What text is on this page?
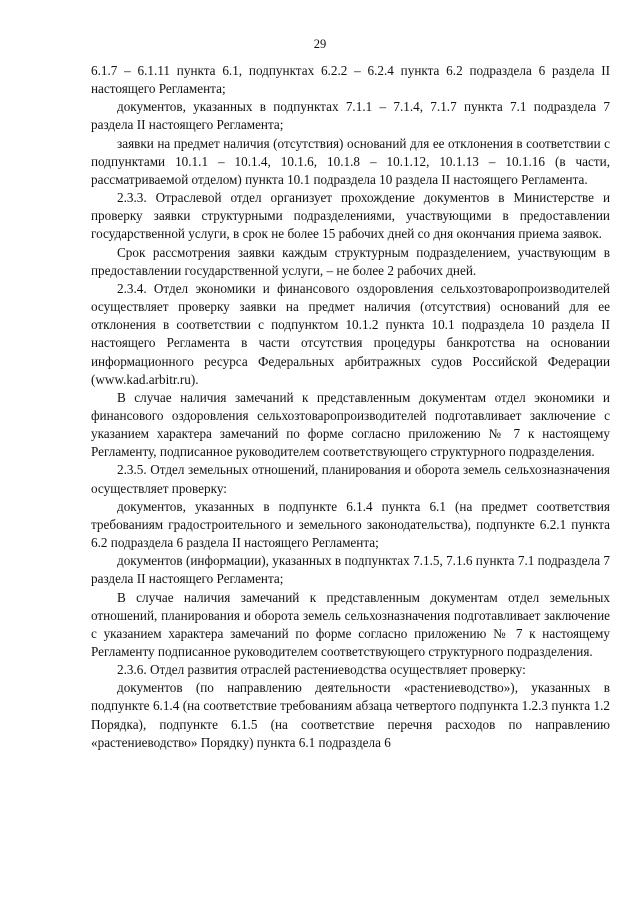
29

6.1.7 – 6.1.11 пункта 6.1, подпунктах 6.2.2 – 6.2.4 пункта 6.2 подраздела 6 раздела II настоящего Регламента;

документов, указанных в подпунктах 7.1.1 – 7.1.4, 7.1.7 пункта 7.1 подраздела 7 раздела II настоящего Регламента;

заявки на предмет наличия (отсутствия) оснований для ее отклонения в соответствии с подпунктами 10.1.1 – 10.1.4, 10.1.6, 10.1.8 – 10.1.12, 10.1.13 – 10.1.16 (в части, рассматриваемой отделом) пункта 10.1 подраздела 10 раздела II настоящего Регламента.

2.3.3. Отраслевой отдел организует прохождение документов в Министерстве и проверку заявки структурными подразделениями, участвующими в предоставлении государственной услуги, в срок не более 15 рабочих дней со дня окончания приема заявок.

Срок рассмотрения заявки каждым структурным подразделением, участвующим в предоставлении государственной услуги, – не более 2 рабочих дней.

2.3.4. Отдел экономики и финансового оздоровления сельхозтоваропроизводителей осуществляет проверку заявки на предмет наличия (отсутствия) оснований для ее отклонения в соответствии с подпунктом 10.1.2 пункта 10.1 подраздела 10 раздела II настоящего Регламента в части отсутствия процедуры банкротства на основании информационного ресурса Федеральных арбитражных судов Российской Федерации (www.kad.arbitr.ru).

В случае наличия замечаний к представленным документам отдел экономики и финансового оздоровления сельхозтоваропроизводителей подготавливает заключение с указанием характера замечаний по форме согласно приложению № 7 к настоящему Регламенту, подписанное руководителем соответствующего структурного подразделения.

2.3.5. Отдел земельных отношений, планирования и оборота земель сельхозназначения осуществляет проверку:

документов, указанных в подпункте 6.1.4 пункта 6.1 (на предмет соответствия требованиям градостроительного и земельного законодательства), подпункте 6.2.1 пункта 6.2 подраздела 6 раздела II настоящего Регламента;

документов (информации), указанных в подпунктах 7.1.5, 7.1.6 пункта 7.1 подраздела 7 раздела II настоящего Регламента;

В случае наличия замечаний к представленным документам отдел земельных отношений, планирования и оборота земель сельхозназначения подготавливает заключение с указанием характера замечаний по форме согласно приложению № 7 к настоящему Регламенту подписанное руководителем соответствующего структурного подразделения.

2.3.6. Отдел развития отраслей растениеводства осуществляет проверку:

документов (по направлению деятельности «растениеводство»), указанных в подпункте 6.1.4 (на соответствие требованиям абзаца четвертого подпункта 1.2.3 пункта 1.2 Порядка), подпункте 6.1.5 (на соответствие перечня расходов по направлению «растениеводство» Порядку) пункта 6.1 подраздела 6
